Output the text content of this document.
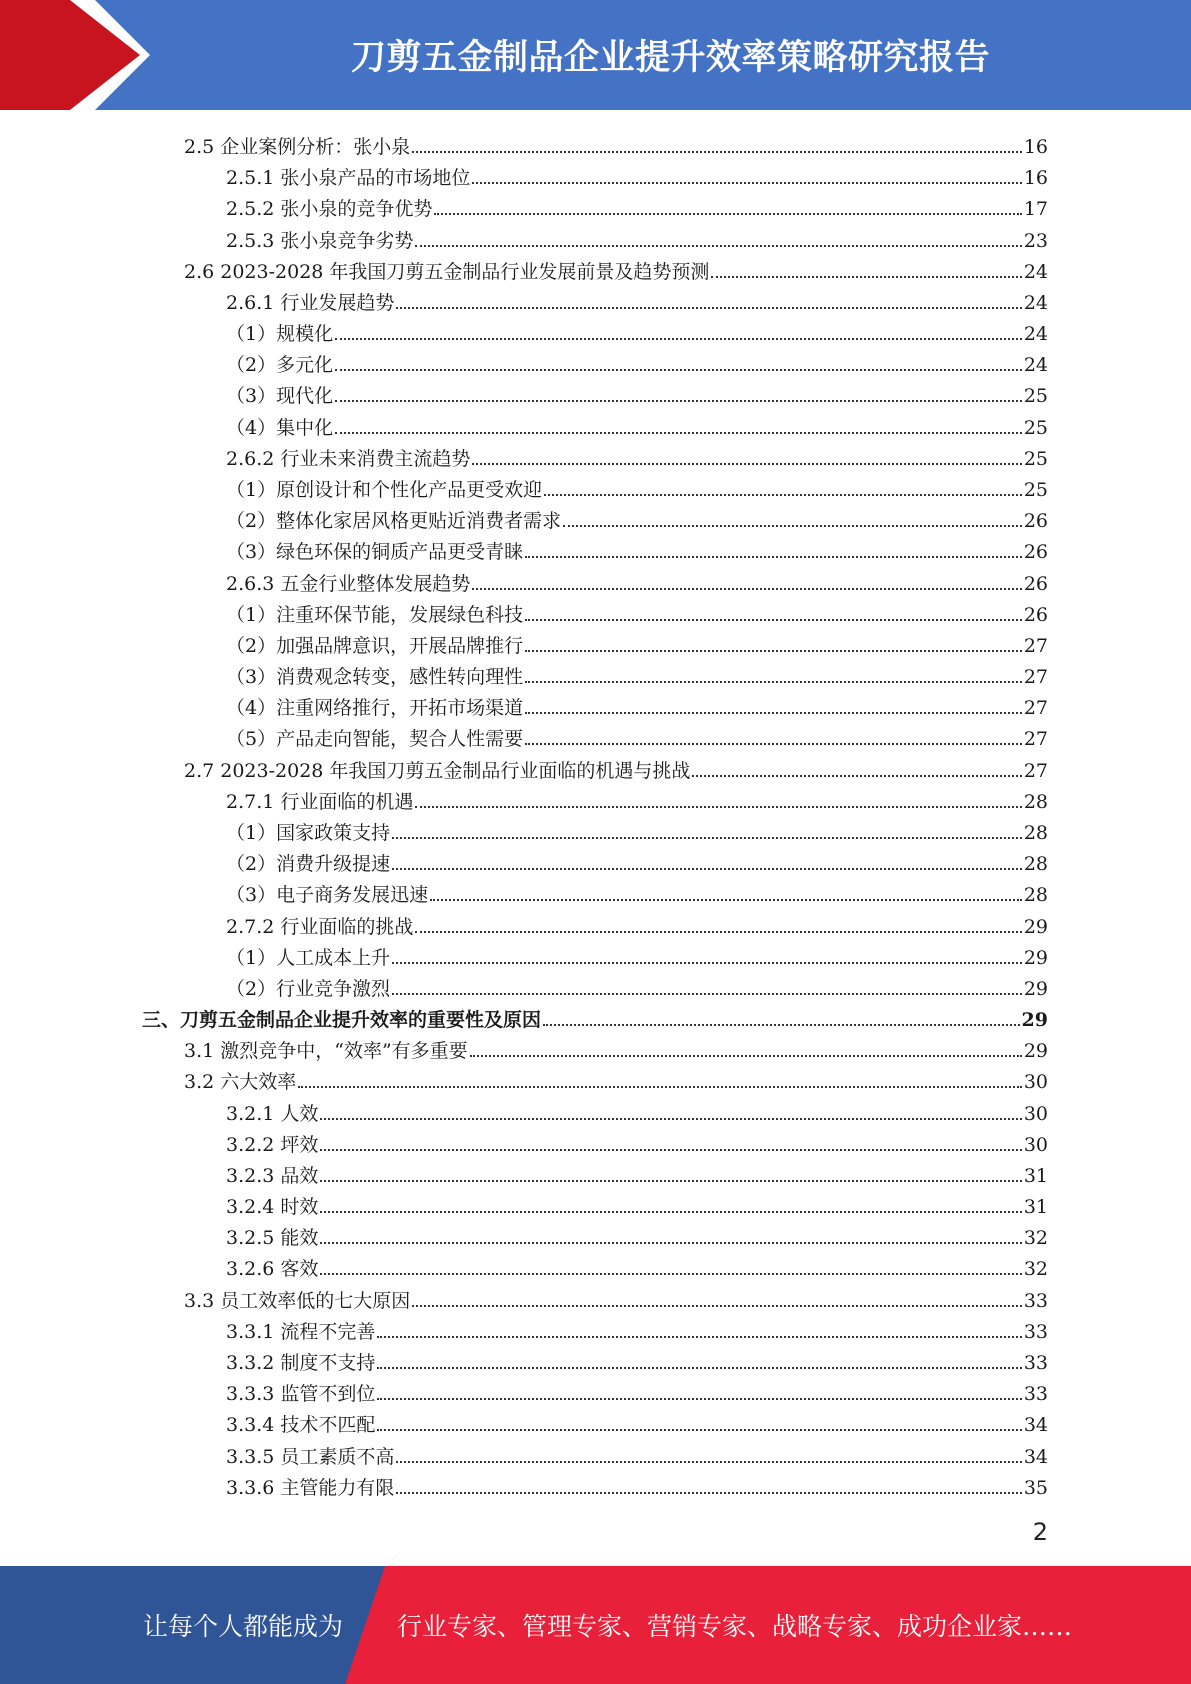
刀剪五金制品企业提升效率策略研究报告
2.5 企业案例分析：张小泉	16
2.5.1 张小泉产品的市场地位	16
2.5.2 张小泉的竞争优势	17
2.5.3 张小泉竞争劣势	23
2.6 2023-2028 年我国刀剪五金制品行业发展前景及趋势预测	24
2.6.1 行业发展趋势	24
（1）规模化	24
（2）多元化	24
（3）现代化	25
（4）集中化	25
2.6.2 行业未来消费主流趋势	25
（1）原创设计和个性化产品更受欢迎	25
（2）整体化家居风格更贴近消费者需求	26
（3）绿色环保的铜质产品更受青睐	26
2.6.3 五金行业整体发展趋势	26
（1）注重环保节能，发展绿色科技	26
（2）加强品牌意识，开展品牌推行	27
（3）消费观念转变，感性转向理性	27
（4）注重网络推行，开拓市场渠道	27
（5）产品走向智能，契合人性需要	27
2.7 2023-2028 年我国刀剪五金制品行业面临的机遇与挑战	27
2.7.1 行业面临的机遇	28
（1）国家政策支持	28
（2）消费升级提速	28
（3）电子商务发展迅速	28
2.7.2 行业面临的挑战	29
（1）人工成本上升	29
（2）行业竞争激烈	29
三、刀剪五金制品企业提升效率的重要性及原因	29
3.1 激烈竞争中，“效率”有多重要	29
3.2 六大效率	30
3.2.1 人效	30
3.2.2 坪效	30
3.2.3 品效	31
3.2.4 时效	31
3.2.5 能效	32
3.2.6 客效	32
3.3 员工效率低的七大原因	33
3.3.1 流程不完善	33
3.3.2 制度不支持	33
3.3.3 监管不到位	33
3.3.4 技术不匹配	34
3.3.5 员工素质不高	34
3.3.6 主管能力有限	35
2
让每个人都能成为 行业专家、管理专家、营销专家、战略专家、成功企业家……
